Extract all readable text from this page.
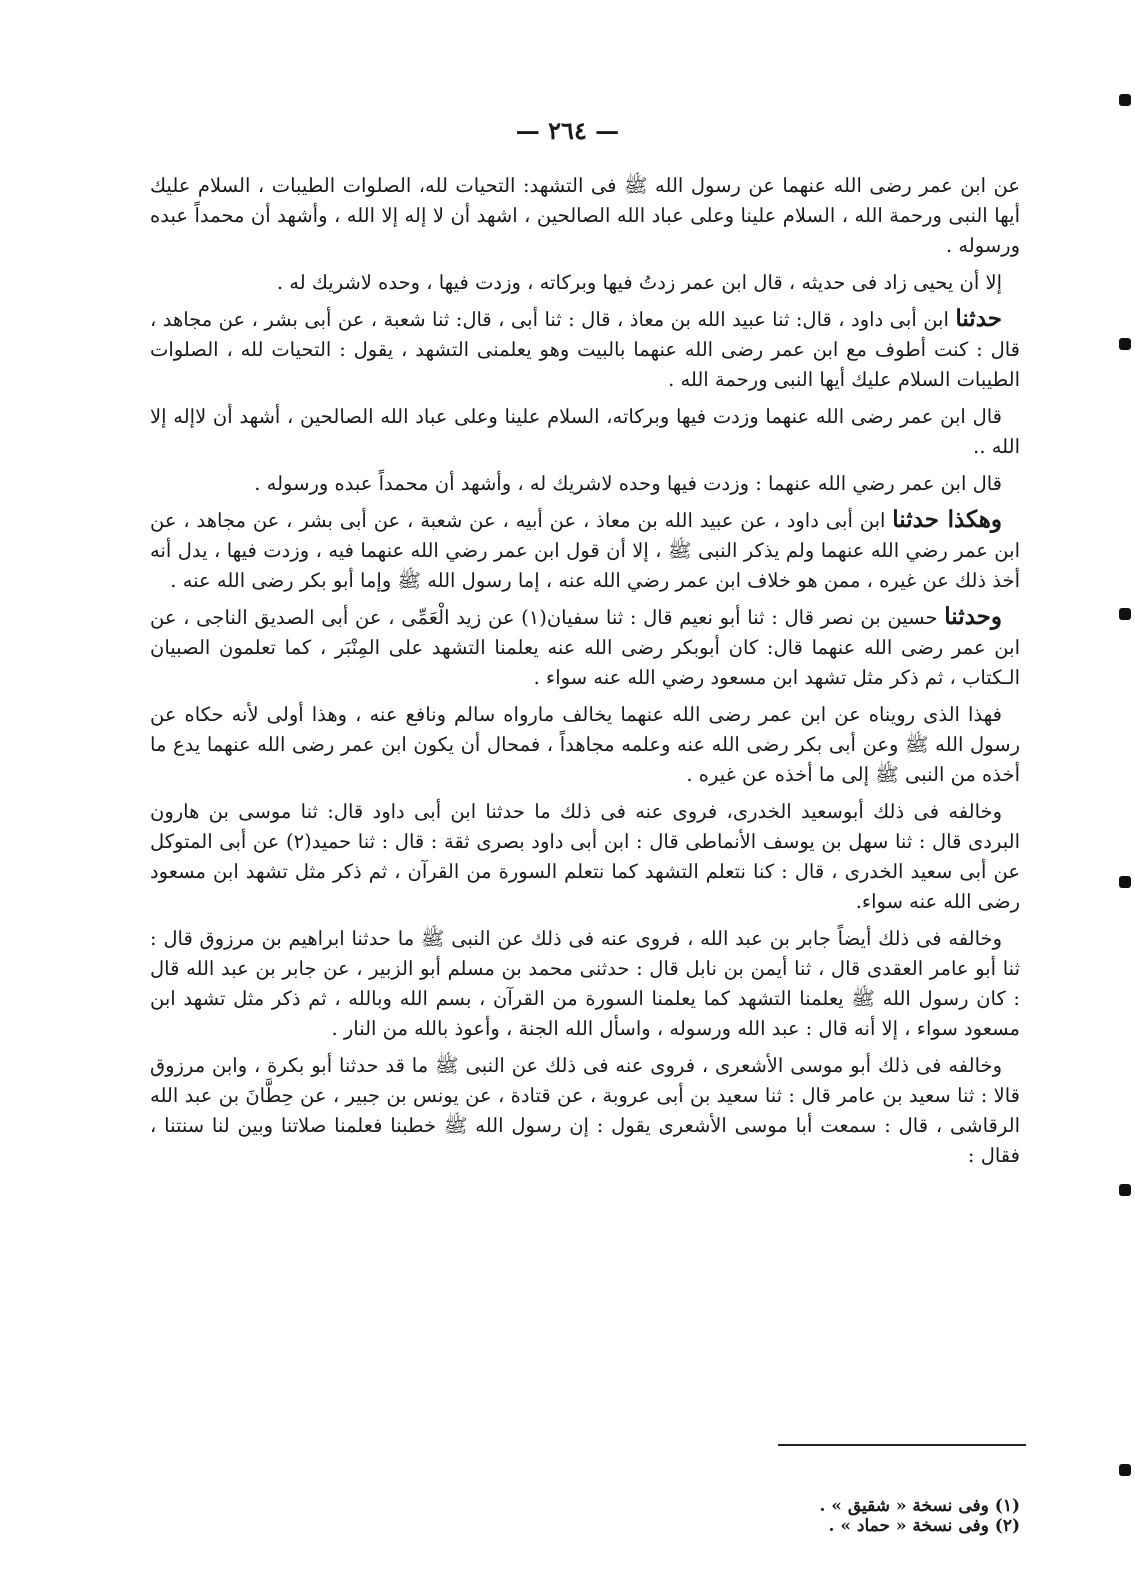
— ٢٦٤ —

عن ابن عمر رضى الله عنهما عن رسول الله ﷺ فى التشهد: التحيات لله، الصلوات الطيبات ، السلام عليك أيها النبى ورحمة الله ، السلام علينا وعلى عباد الله الصالحين ، اشهد أن لا إله إلا الله ، وأشهد أن محمداً عبده ورسوله .

إلا أن يحيى زاد فى حديثه ، قال ابن عمر زدتُ فيها وبركاته ، وزدت فيها ، وحده لاشريك له .

حدثنا ابن أبى داود ، قال: ثنا عبيد الله بن معاذ ، قال : ثنا أبى ، قال: ثنا شعبة ، عن أبى بشر ، عن مجاهد ، قال : كنت أطوف مع ابن عمر رضى الله عنهما بالبيت وهو يعلمنى التشهد ، يقول : التحيات لله ، الصلوات الطيبات السلام عليك أيها النبى ورحمة الله .

قال ابن عمر رضى الله عنهما وزدت فيها وبركاته، السلام علينا وعلى عباد الله الصالحين ، أشهد أن لاإله إلا الله ..

قال ابن عمر رضي الله عنهما : وزدت فيها وحده لاشريك له ، وأشهد أن محمداً عبده ورسوله .

وهكذا حدثنا ابن أبى داود ، عن عبيد الله بن معاذ ، عن أبيه ، عن شعبة ، عن أبى بشر ، عن مجاهد ، عن ابن عمر رضي الله عنهما ولم يذكر النبى ﷺ ، إلا أن قول ابن عمر رضي الله عنهما فيه ، وزدت فيها ، يدل أنه أخذ ذلك عن غيره ، ممن هو خلاف ابن عمر رضي الله عنه ، إما رسول الله ﷺ وإما أبو بكر رضى الله عنه .

وحدثنا حسين بن نصر قال : ثنا أبو نعيم قال : ثنا سفيان(١) عن زيد الْعَمِّى ، عن أبى الصديق الناجى ، عن ابن عمر رضى الله عنهما قال: كان أبوبكر رضى الله عنه يعلمنا التشهد على المِنْبَر ، كما تعلمون الصبيان الـكتاب ، ثم ذكر مثل تشهد ابن مسعود رضي الله عنه سواء .

فهذا الذى رويناه عن ابن عمر رضى الله عنهما يخالف مارواه سالم ونافع عنه ، وهذا أولى لأنه حكاه عن رسول الله ﷺ وعن أبى بكر رضى الله عنه وعلمه مجاهداً ، فمحال أن يكون ابن عمر رضى الله عنهما يدع ما أخذه من النبى ﷺ إلى ما أخذه عن غيره .

وخالفه فى ذلك أبوسعيد الخدرى، فروى عنه فى ذلك ما حدثنا ابن أبى داود قال: ثنا موسى بن هارون البردى قال : ثنا سهل بن يوسف الأنماطى قال : ابن أبى داود بصرى ثقة : قال : ثنا حميد(٢) عن أبى المتوكل عن أبى سعيد الخدرى ، قال : كنا نتعلم التشهد كما نتعلم السورة من القرآن ، ثم ذكر مثل تشهد ابن مسعود رضى الله عنه سواء.

وخالفه فى ذلك أيضاً جابر بن عبد الله ، فروى عنه فى ذلك عن النبى ﷺ ما حدثنا ابراهيم بن مرزوق قال : ثنا أبو عامر العقدى قال ، ثنا أيمن بن نابل قال : حدثنى محمد بن مسلم أبو الزبير ، عن جابر بن عبد الله قال : كان رسول الله ﷺ يعلمنا التشهد كما يعلمنا السورة من القرآن ، بسم الله وبالله ، ثم ذكر مثل تشهد ابن مسعود سواء ، إلا أنه قال : عبد الله ورسوله ، واسأل الله الجنة ، وأعوذ بالله من النار .

وخالفه فى ذلك أبو موسى الأشعرى ، فروى عنه فى ذلك عن النبى ﷺ ما قد حدثنا أبو بكرة ، وابن مرزوق قالا : ثنا سعيد بن عامر قال : ثنا سعيد بن أبى عروبة ، عن قتادة ، عن يونس بن جبير ، عن حِطَّانَ بن عبد الله الرقاشى ، قال : سمعت أبا موسى الأشعرى يقول : إن رسول الله ﷺ خطبنا فعلمنا صلاتنا وبين لنا سنتنا ، فقال :

(١) وفى نسخة « شقيق » . (٢) وفى نسخة « حماد » .
